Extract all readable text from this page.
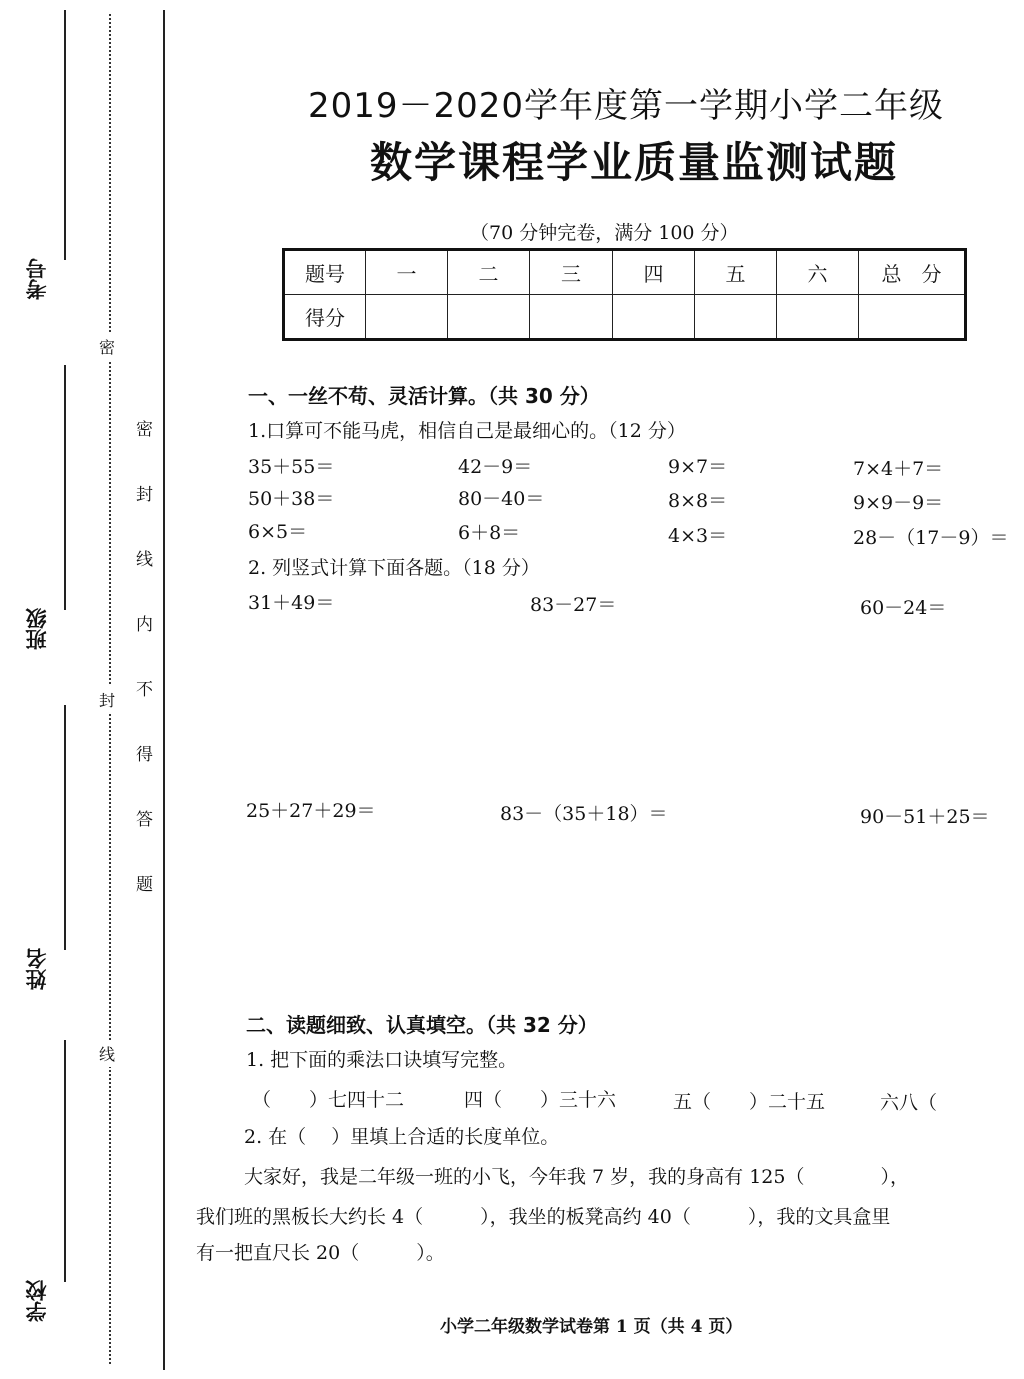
考号
班级
姓名
学校
密
封
线
密
封
线
内
不
得
答
题
2019－2020学年度第一学期小学二年级
数学课程学业质量监测试题
（70 分钟完卷，满分 100 分）
题号	一	二	三	四	五	六	总　分
得分							
一、一丝不苟、灵活计算。（共 30 分）
1.口算可不能马虎，相信自己是最细心的。（12 分）
35＋55＝	42－9＝	9×7＝	7×4＋7＝
50＋38＝	80－40＝	8×8＝	9×9－9＝
6×5＝	6＋8＝	4×3＝	28－（17－9）＝
2. 列竖式计算下面各题。（18 分）
31＋49＝	83－27＝	60－24＝
25＋27＋29＝	83－（35＋18）＝	90－51＋25＝
二、读题细致、认真填空。（共 32 分）
1. 把下面的乘法口诀填写完整。
（　　）七四十二	四（　　）三十六	五（　　）二十五	六八（
2. 在（　 ）里填上合适的长度单位。
大家好，我是二年级一班的小飞，今年我 7 岁，我的身高有 125（　　　　），
我们班的黑板长大约长 4（　　　），我坐的板凳高约 40（　　　），我的文具盒里
有一把直尺长 20（　　　）。
小学二年级数学试卷第 1 页（共 4 页）
